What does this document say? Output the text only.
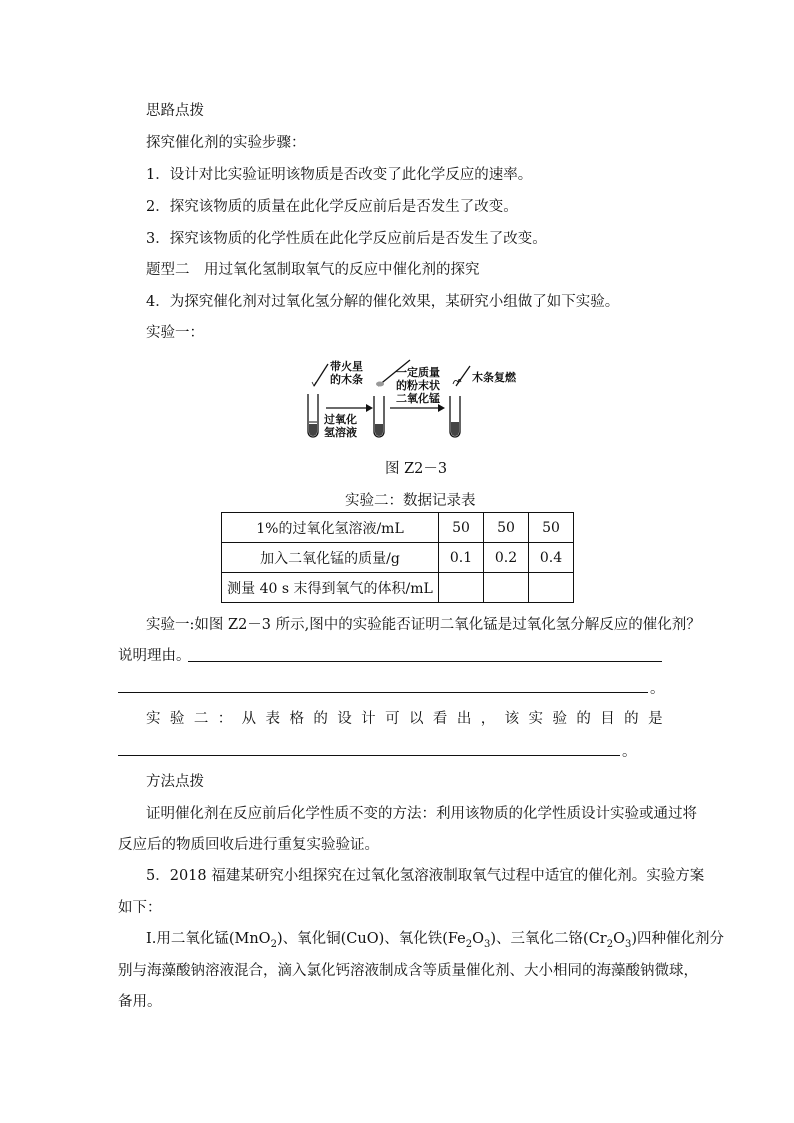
思路点拨
探究催化剂的实验步骤：
1．设计对比实验证明该物质是否改变了此化学反应的速率。
2．探究该物质的质量在此化学反应前后是否发生了改变。
3．探究该物质的化学性质在此化学反应前后是否发生了改变。
题型二　用过氧化氢制取氧气的反应中催化剂的探究
4．为探究催化剂对过氧化氢分解的催化效果，某研究小组做了如下实验。
实验一：
带火星
的木条
过氧化
氢溶液
一定质量
的粉末状
二氧化锰
木条复燃
图 Z2－3
实验二：数据记录表
1%的过氧化氢溶液/mL	50	50	50
加入二氧化锰的质量/g	0.1	0.2	0.4
测量 40 s 末得到氧气的体积/mL			
实验一:如图 Z2－3 所示,图中的实验能否证明二氧化锰是过氧化氢分解反应的催化剂？
说明理由。
。
实 验 二 ： 从 表 格 的 设 计 可 以 看 出 ， 该 实 验 的 目 的 是
。
方法点拨
证明催化剂在反应前后化学性质不变的方法：利用该物质的化学性质设计实验或通过将
反应后的物质回收后进行重复实验验证。
5．2018 福建某研究小组探究在过氧化氢溶液制取氧气过程中适宜的催化剂。实验方案
如下：
Ⅰ.用二氧化锰(MnO$_2$)、氧化铜(CuO)、氧化铁$(Fe_2O_3)$、三氧化二铬$(Cr_2O_3)$四种催化剂分
别与海藻酸钠溶液混合，滴入氯化钙溶液制成含等质量催化剂、大小相同的海藻酸钠微球，
备用。
